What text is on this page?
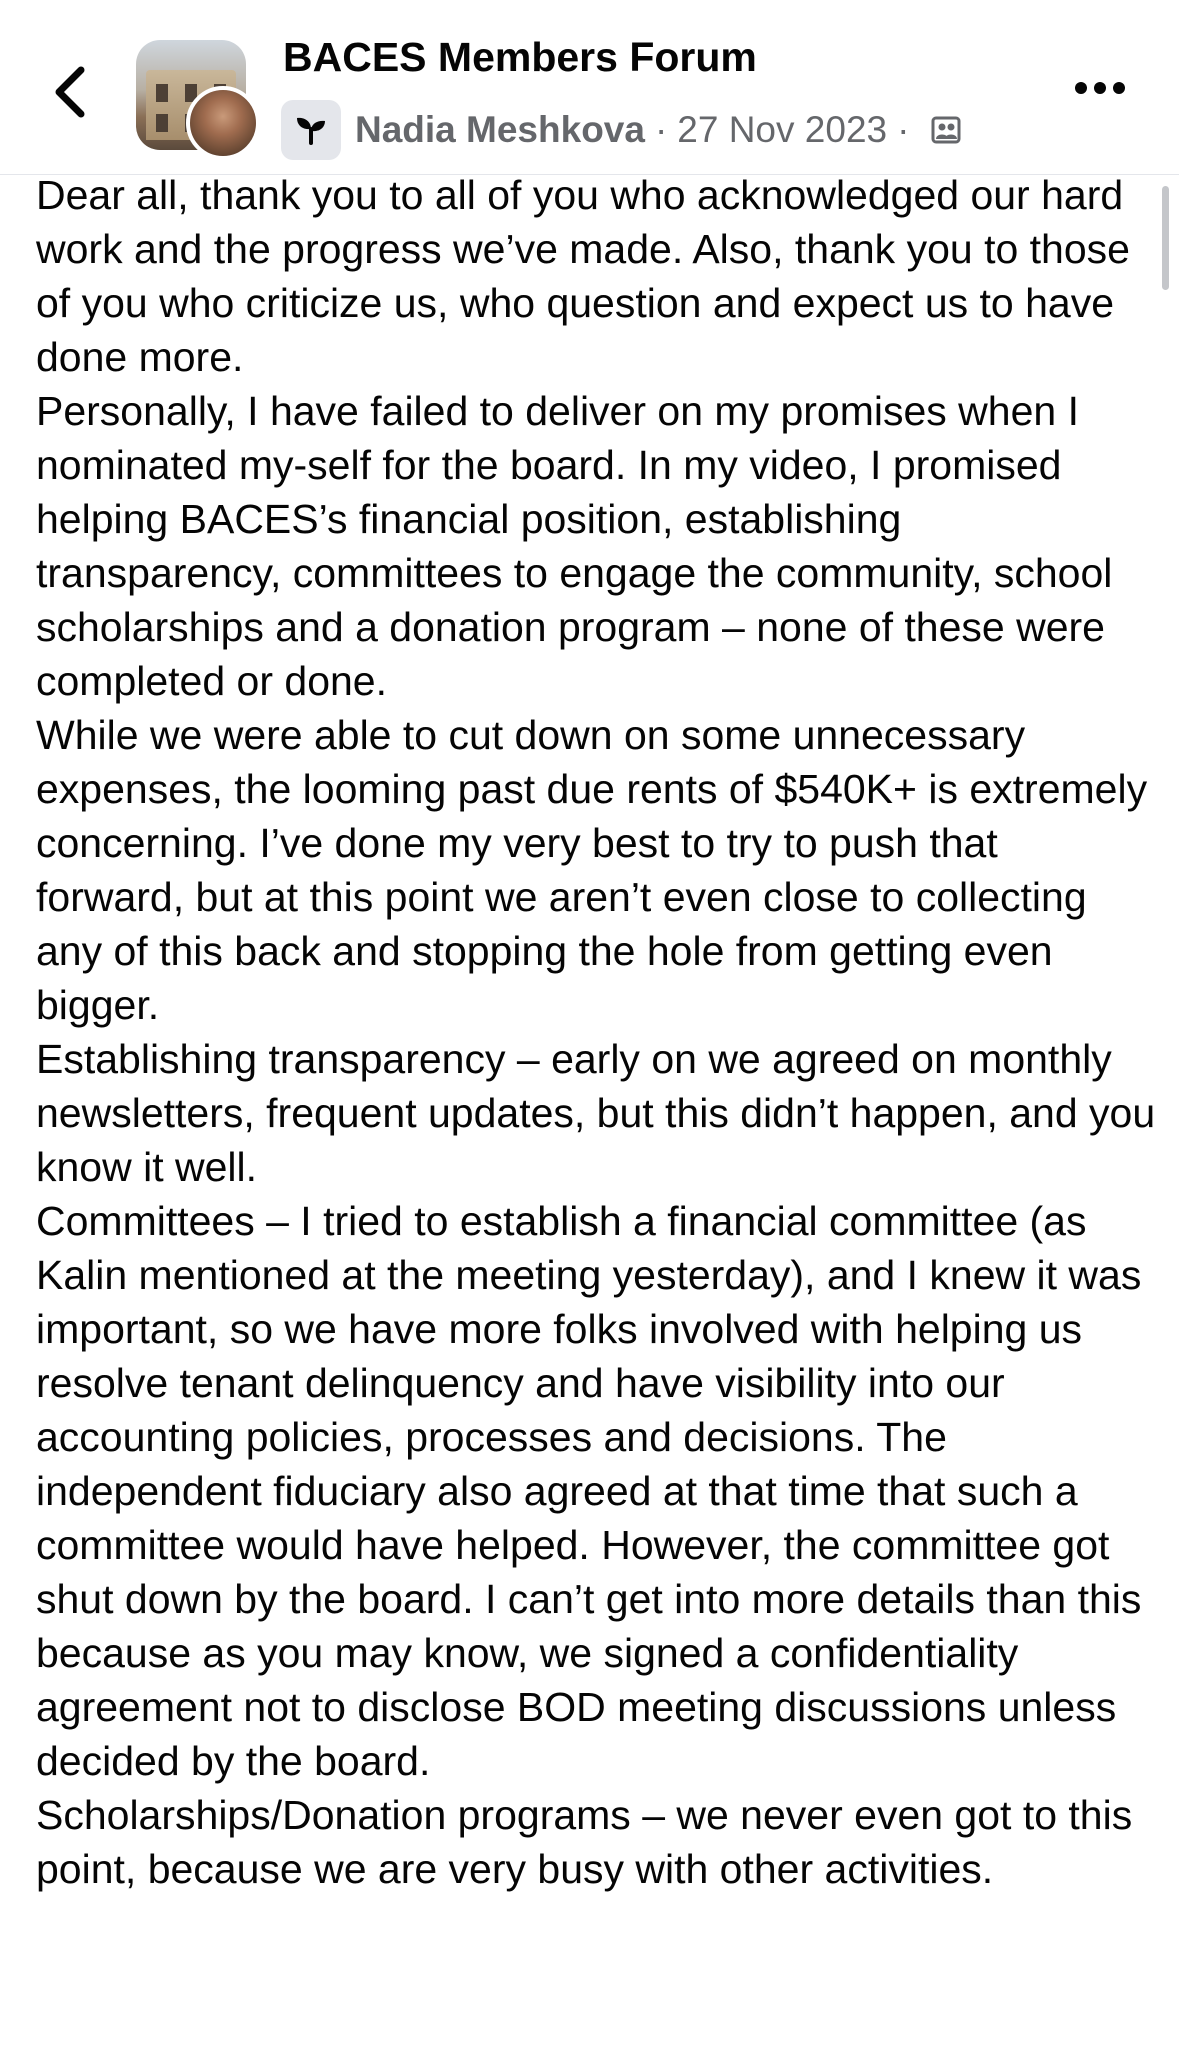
BACES Members Forum
Nadia Meshkova · 27 Nov 2023 ·

Dear all, thank you to all of you who acknowledged our hard work and the progress we’ve made. Also, thank you to those of you who criticize us, who question and expect us to have done more.

Personally, I have failed to deliver on my promises when I nominated my-self for the board. In my video, I promised helping BACES’s financial position, establishing transparency, committees to engage the community, school scholarships and a donation program – none of these were completed or done.

While we were able to cut down on some unnecessary expenses, the looming past due rents of $540K+ is extremely concerning. I’ve done my very best to try to push that forward, but at this point we aren’t even close to collecting any of this back and stopping the hole from getting even bigger.

Establishing transparency – early on we agreed on monthly newsletters, frequent updates, but this didn’t happen, and you know it well.

Committees – I tried to establish a financial committee (as Kalin mentioned at the meeting yesterday), and I knew it was important, so we have more folks involved with helping us resolve tenant delinquency and have visibility into our accounting policies, processes and decisions. The independent fiduciary also agreed at that time that such a committee would have helped. However, the committee got shut down by the board. I can’t get into more details than this because as you may know, we signed a confidentiality agreement not to disclose BOD meeting discussions unless decided by the board.

Scholarships/Donation programs – we never even got to this point, because we are very busy with other activities.
